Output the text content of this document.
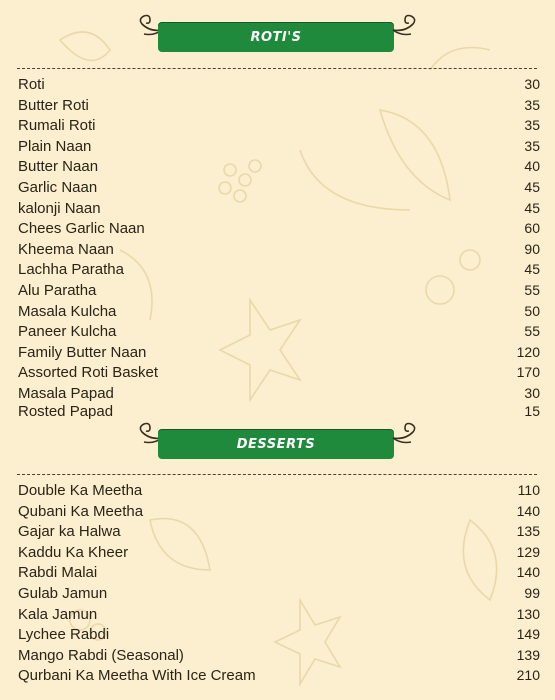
ROTI'S
Roti	30
Butter Roti	35
Rumali Roti	35
Plain Naan	35
Butter Naan	40
Garlic Naan	45
kalonji Naan	45
Chees Garlic Naan	60
Kheema Naan	90
Lachha Paratha	45
Alu Paratha	55
Masala Kulcha	50
Paneer Kulcha	55
Family Butter Naan	120
Assorted Roti Basket	170
Masala Papad	30
Rosted Papad	15
DESSERTS
Double Ka Meetha	110
Qubani Ka Meetha	140
Gajar ka Halwa	135
Kaddu Ka Kheer	129
Rabdi Malai	140
Gulab Jamun	99
Kala Jamun	130
Lychee Rabdi	149
Mango Rabdi (Seasonal)	139
Qurbani Ka Meetha With Ice Cream	210
